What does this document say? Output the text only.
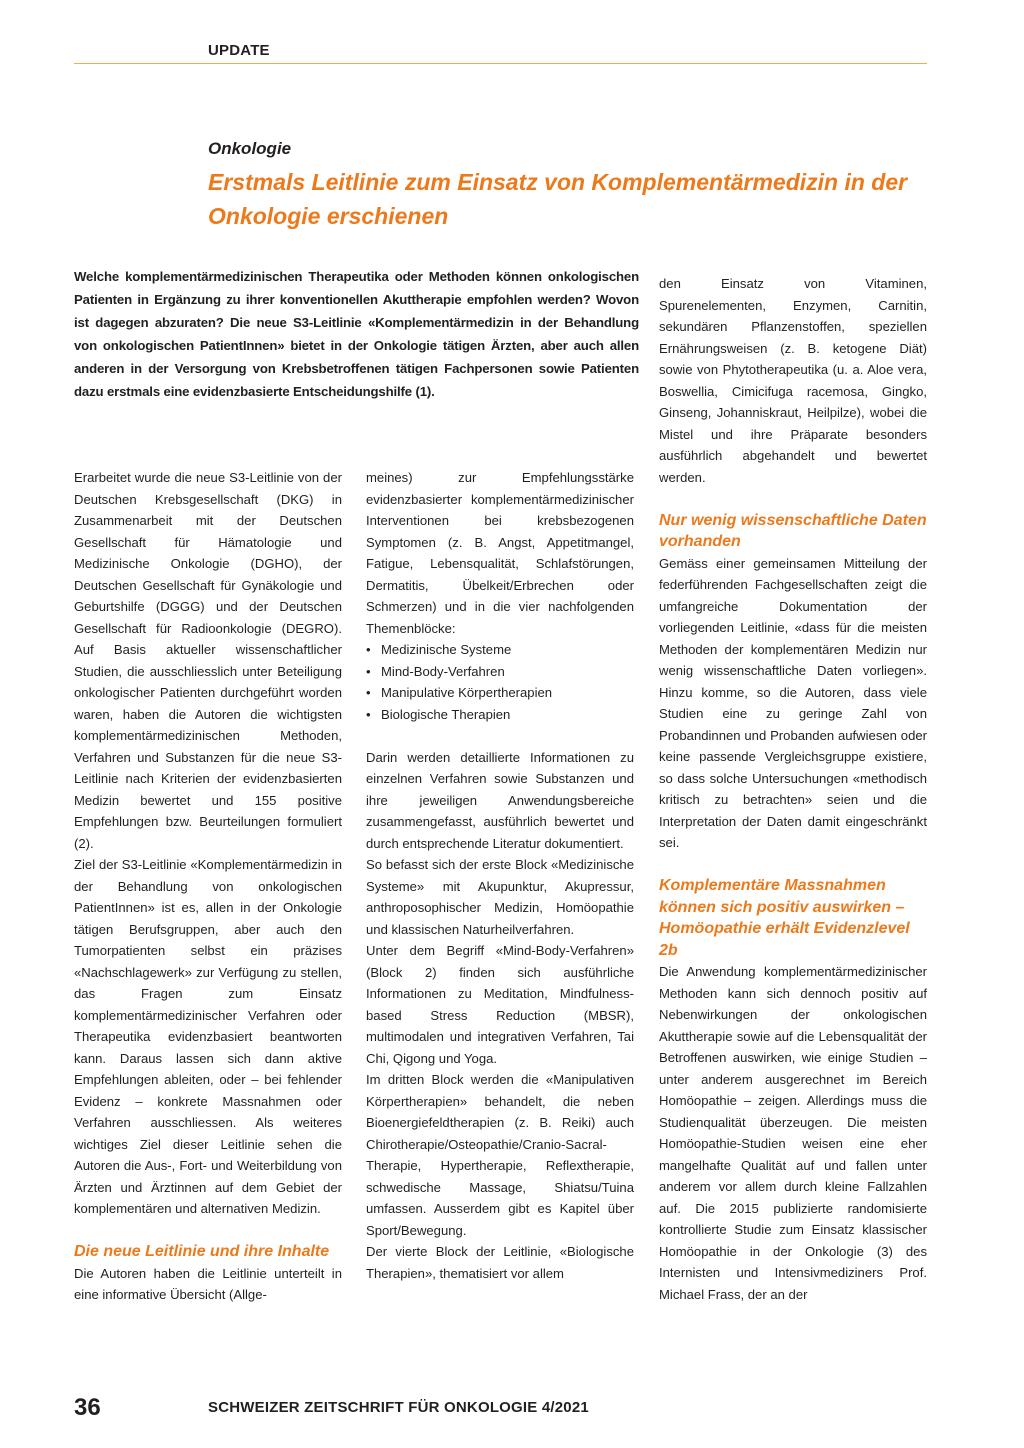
UPDATE
Onkologie
Erstmals Leitlinie zum Einsatz von Komplementärmedizin in der Onkologie erschienen

Welche komplementärmedizinischen Therapeutika oder Methoden können onkologischen Patienten in Ergänzung zu ihrer konventionellen Akuttherapie empfohlen werden? Wovon ist dagegen abzuraten? Die neue S3-Leitlinie «Komplementärmedizin in der Behandlung von onkologischen PatientInnen» bietet in der Onkologie tätigen Ärzten, aber auch allen anderen in der Versorgung von Krebsbetroffenen tätigen Fachpersonen sowie Patienten dazu erstmals eine evidenzbasierte Entscheidungshilfe (1).

Erarbeitet wurde die neue S3-Leitlinie von der Deutschen Krebsgesellschaft (DKG) in Zusammenarbeit mit der Deutschen Gesellschaft für Hämatologie und Medizinische Onkologie (DGHO), der Deutschen Gesellschaft für Gynäkologie und Geburtshilfe (DGGG) und der Deutschen Gesellschaft für Radioonkologie (DEGRO). Auf Basis aktueller wissenschaftlicher Studien, die ausschliesslich unter Beteiligung onkologischer Patienten durchgeführt worden waren, haben die Autoren die wichtigsten komplementärmedizinischen Methoden, Verfahren und Substanzen für die neue S3-Leitlinie nach Kriterien der evidenzbasierten Medizin bewertet und 155 positive Empfehlungen bzw. Beurteilungen formuliert (2).

Ziel der S3-Leitlinie «Komplementärmedizin in der Behandlung von onkologischen PatientInnen» ist es, allen in der Onkologie tätigen Berufsgruppen, aber auch den Tumorpatienten selbst ein präzises «Nachschlagewerk» zur Verfügung zu stellen, das Fragen zum Einsatz komplementärmedizinischer Verfahren oder Therapeutika evidenzbasiert beantworten kann. Daraus lassen sich dann aktive Empfehlungen ableiten, oder – bei fehlender Evidenz – konkrete Massnahmen oder Verfahren ausschliessen. Als weiteres wichtiges Ziel dieser Leitlinie sehen die Autoren die Aus-, Fort- und Weiterbildung von Ärzten und Ärztinnen auf dem Gebiet der komplementären und alternativen Medizin.

Die neue Leitlinie und ihre Inhalte

Die Autoren haben die Leitlinie unterteilt in eine informative Übersicht (Allge-

meines) zur Empfehlungsstärke evidenzbasierter komplementärmedizinischer Interventionen bei krebsbezogenen Symptomen (z. B. Angst, Appetitmangel, Fatigue, Lebensqualität, Schlafstörungen, Dermatitis, Übelkeit/Erbrechen oder Schmerzen) und in die vier nachfolgenden Themenblöcke:

• Medizinische Systeme
• Mind-Body-Verfahren
• Manipulative Körpertherapien
• Biologische Therapien

Darin werden detaillierte Informationen zu einzelnen Verfahren sowie Substanzen und ihre jeweiligen Anwendungsbereiche zusammengefasst, ausführlich bewertet und durch entsprechende Literatur dokumentiert.

So befasst sich der erste Block «Medizinische Systeme» mit Akupunktur, Akupressur, anthroposophischer Medizin, Homöopathie und klassischen Naturheilverfahren.

Unter dem Begriff «Mind-Body-Verfahren» (Block 2) finden sich ausführliche Informationen zu Meditation, Mindfulness-based Stress Reduction (MBSR), multimodalen und integrativen Verfahren, Tai Chi, Qigong und Yoga.

Im dritten Block werden die «Manipulativen Körpertherapien» behandelt, die neben Bioenergiefeldtherapien (z. B. Reiki) auch Chirotherapie/Osteopathie/Cranio-Sacral-Therapie, Hypertherapie, Reflextherapie, schwedische Massage, Shiatsu/Tuina umfassen. Ausserdem gibt es Kapitel über Sport/Bewegung.

Der vierte Block der Leitlinie, «Biologische Therapien», thematisiert vor allem

den Einsatz von Vitaminen, Spurenelementen, Enzymen, Carnitin, sekundären Pflanzenstoffen, speziellen Ernährungsweisen (z. B. ketogene Diät) sowie von Phytotherapeutika (u. a. Aloe vera, Boswellia, Cimicifuga racemosa, Gingko, Ginseng, Johanniskraut, Heilpilze), wobei die Mistel und ihre Präparate besonders ausführlich abgehandelt und bewertet werden.

Nur wenig wissenschaftliche Daten vorhanden

Gemäss einer gemeinsamen Mitteilung der federführenden Fachgesellschaften zeigt die umfangreiche Dokumentation der vorliegenden Leitlinie, «dass für die meisten Methoden der komplementären Medizin nur wenig wissenschaftliche Daten vorliegen». Hinzu komme, so die Autoren, dass viele Studien eine zu geringe Zahl von Probandinnen und Probanden aufwiesen oder keine passende Vergleichsgruppe existiere, so dass solche Untersuchungen «methodisch kritisch zu betrachten» seien und die Interpretation der Daten damit eingeschränkt sei.

Komplementäre Massnahmen können sich positiv auswirken – Homöopathie erhält Evidenzlevel 2b

Die Anwendung komplementärmedizinischer Methoden kann sich dennoch positiv auf Nebenwirkungen der onkologischen Akuttherapie sowie auf die Lebensqualität der Betroffenen auswirken, wie einige Studien – unter anderem ausgerechnet im Bereich Homöopathie – zeigen. Allerdings muss die Studienqualität überzeugen. Die meisten Homöopathie-Studien weisen eine eher mangelhafte Qualität auf und fallen unter anderem vor allem durch kleine Fallzahlen auf. Die 2015 publizierte randomisierte kontrollierte Studie zum Einsatz klassischer Homöopathie in der Onkologie (3) des Internisten und Intensivmediziners Prof. Michael Frass, der an der

36	SCHWEIZER ZEITSCHRIFT FÜR ONKOLOGIE 4/2021
